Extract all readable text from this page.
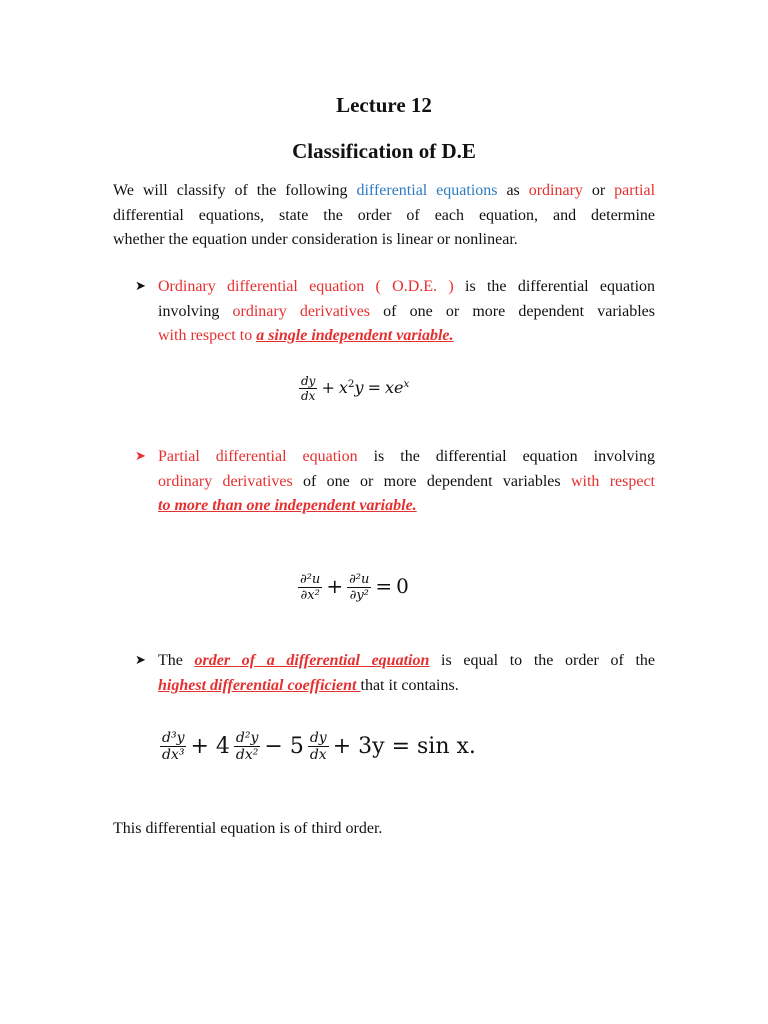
Lecture 12
Classification of D.E

We will classify of the following differential equations as ordinary or partial
differential equations, state the order of each equation, and determine
whether the equation under consideration is linear or nonlinear.

➤ Ordinary differential equation ( O.D.E. ) is the differential equation
involving ordinary derivatives of one or more dependent variables
with respect to a single independent variable.

$\frac{dy}{dx} + x^2y = xe^x$
➤ Partial differential equation is the differential equation involving
ordinary derivatives of one or more dependent variables with respect
to more than one independent variable.

$\frac{\text{∂²u}}{\text{∂x²}} + \frac{\text{∂²u}}{\text{∂y²}} = 0$
➤ The order of a differential equation is equal to the order of the
highest differential coefficient that it contains.

$\frac{\text{d³y}}{\text{dx³}} + 4 \frac{\text{d²y}}{\text{dx²}} - 5 \frac{dy}{dx} + 3y = \sin x$.

This differential equation is of third order.
